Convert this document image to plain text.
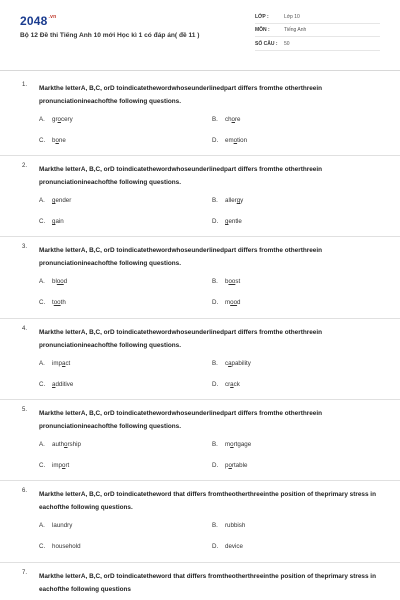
$2048^{.vn}$
Bộ 12 Đề thi Tiếng Anh 10 mới Học kì 1 có đáp án( đề 11 )
LỚP :	Lớp 10
MÔN :	Tiếng Anh
SỐ CÂU : 50
1. Markthe letterA, B,C, orD toindicatethewordwhoseunderlinedpart differs fromthe otherthreein pronunciationineachofthe following questions.
A. grocery	B. chore
C. bone	D. emotion
2. Markthe letterA, B,C, orD toindicatethewordwhoseunderlinedpart differs fromthe otherthreein pronunciationineachofthe following questions.
A. gender	B. allergy
C. gain	D. gentle
3. Markthe letterA, B,C, orD toindicatethewordwhoseunderlinedpart differs fromthe otherthreein pronunciationineachofthe following questions.
A. blood	B. boost
C. tooth	D. mood
4. Markthe letterA, B,C, orD toindicatethewordwhoseunderlinedpart differs fromthe otherthreein pronunciationineachofthe following questions.
A. impact	B. capability
C. additive	D. crack
5. Markthe letterA, B,C, orD toindicatethewordwhoseunderlinedpart differs fromthe otherthreein pronunciationineachofthe following questions.
A. authorship	B. mortgage
C. import	D. portable
6. Markthe letterA, B,C, orD toindicatetheword that differs fromtheotherthreeinthe position of theprimary stress in eachofthe following questions.
A. laundry	B. rubbish
C. household	D. device
7. Markthe letterA, B,C, orD toindicatetheword that differs fromtheotherthreeinthe position of theprimary stress in eachofthe following questions
